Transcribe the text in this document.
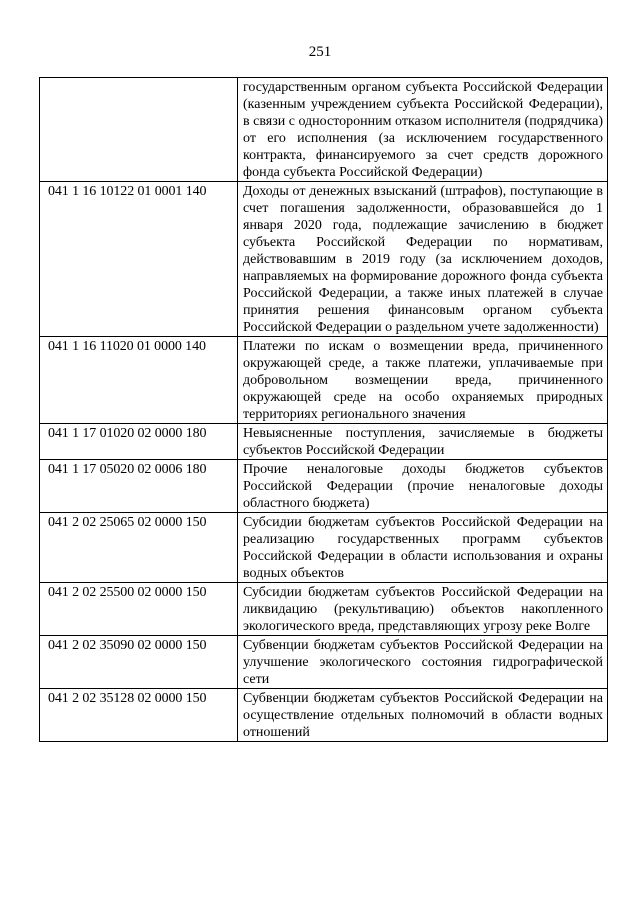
251
	государственным органом субъекта Российской Федерации (казенным учреждением субъекта Российской Федерации), в связи с односторонним отказом исполнителя (подрядчика) от его исполнения (за исключением государственного контракта, финансируемого за счет средств дорожного фонда субъекта Российской Федерации)
041 1 16 10122 01 0001 140	Доходы от денежных взысканий (штрафов), поступающие в счет погашения задолженности, образовавшейся до 1 января 2020 года, подлежащие зачислению в бюджет субъекта Российской Федерации по нормативам, действовавшим в 2019 году (за исключением доходов, направляемых на формирование дорожного фонда субъекта Российской Федерации, а также иных платежей в случае принятия решения финансовым органом субъекта Российской Федерации о раздельном учете задолженности)
041 1 16 11020 01 0000 140	Платежи по искам о возмещении вреда, причиненного окружающей среде, а также платежи, уплачиваемые при добровольном возмещении вреда, причиненного окружающей среде на особо охраняемых природных территориях регионального значения
041 1 17 01020 02 0000 180	Невыясненные поступления, зачисляемые в бюджеты субъектов Российской Федерации
041 1 17 05020 02 0006 180	Прочие неналоговые доходы бюджетов субъектов Российской Федерации (прочие неналоговые доходы областного бюджета)
041 2 02 25065 02 0000 150	Субсидии бюджетам субъектов Российской Федерации на реализацию государственных программ субъектов Российской Федерации в области использования и охраны водных объектов
041 2 02 25500 02 0000 150	Субсидии бюджетам субъектов Российской Федерации на ликвидацию (рекультивацию) объектов накопленного экологического вреда, представляющих угрозу реке Волге
041 2 02 35090 02 0000 150	Субвенции бюджетам субъектов Российской Федерации на улучшение экологического состояния гидрографической сети
041 2 02 35128 02 0000 150	Субвенции бюджетам субъектов Российской Федерации на осуществление отдельных полномочий в области водных отношений
